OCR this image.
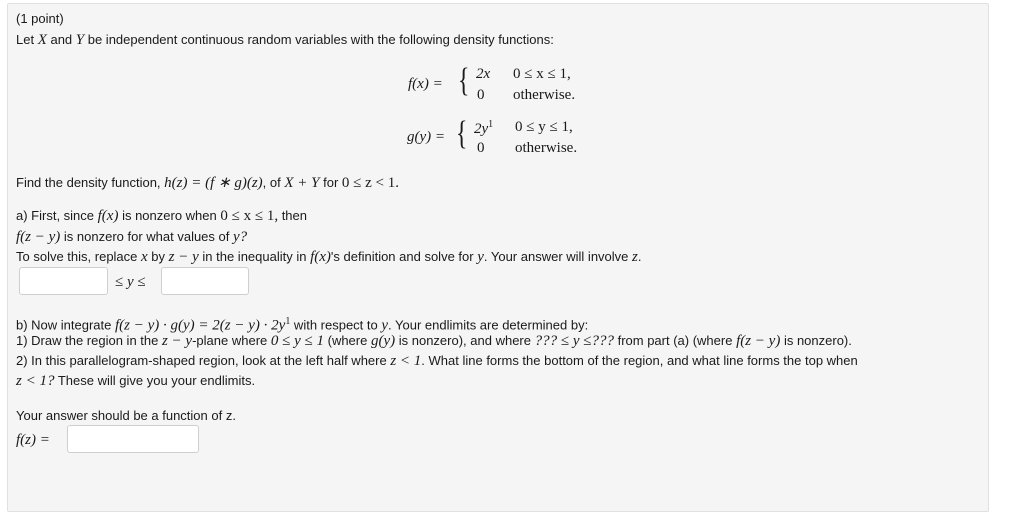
(1 point)
Let X and Y be independent continuous random variables with the following density functions:
f(x) = { 2x 0 ≤ x ≤ 1,
0 otherwise.
g(y) = { $2y^1$ 0 ≤ y ≤ 1,
0 otherwise.
Find the density function, h(z) = (f ∗ g)(z), of X + Y for 0 ≤ z < 1.
a) First, since f(x) is nonzero when 0 ≤ x ≤ 1, then
f(z − y) is nonzero for what values of y?
To solve this, replace x by z − y in the inequality in f(x)'s definition and solve for y. Your answer will involve z.
≤ y ≤
b) Now integrate $f(z - y) \cdot g(y) = 2(z - y) \cdot 2y^1$ with respect to y. Your endlimits are determined by:
1) Draw the region in the z − y-plane where 0 ≤ y ≤ 1 (where g(y) is nonzero), and where ??? ≤ y ≤??? from part (a) (where f(z − y) is nonzero).
2) In this parallelogram-shaped region, look at the left half where z < 1. What line forms the bottom of the region, and what line forms the top when
z < 1? These will give you your endlimits.
Your answer should be a function of z.
f(z) =
